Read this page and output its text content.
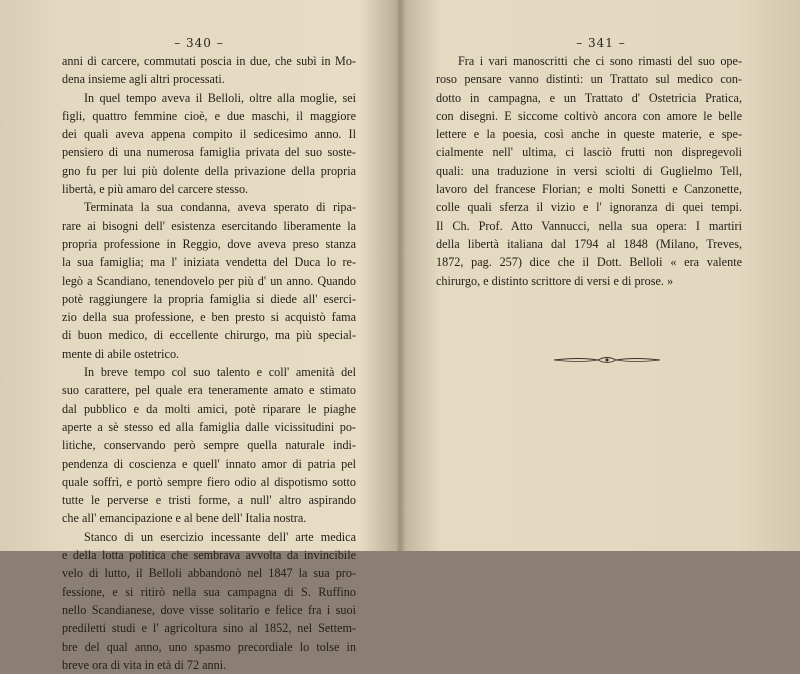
– 340 –
anni di carcere, commutati poscia in due, che subì in Mo-
dena insieme agli altri processati.
In quel tempo aveva il Belloli, oltre alla moglie, sei
figli, quattro femmine cioè, e due maschi, il maggiore
dei quali aveva appena compito il sedicesimo anno. Il
pensiero di una numerosa famiglia privata del suo soste-
gno fu per lui più dolente della privazione della propria
libertà, e più amaro del carcere stesso.
Terminata la sua condanna, aveva sperato di ripa-
rare ai bisogni dell' esistenza esercitando liberamente la
propria professione in Reggio, dove aveva preso stanza
la sua famiglia; ma l' iniziata vendetta del Duca lo re-
legò a Scandiano, tenendovelo per più d' un anno. Quando
potè raggiungere la propria famiglia si diede all' eserci-
zio della sua professione, e ben presto si acquistò fama
di buon medico, di eccellente chirurgo, ma più special-
mente di abile ostetrico.
In breve tempo col suo talento e coll' amenità del
suo carattere, pel quale era teneramente amato e stimato
dal pubblico e da molti amici, potè riparare le piaghe
aperte a sè stesso ed alla famiglia dalle vicissitudini po-
litiche, conservando però sempre quella naturale indi-
pendenza di coscienza e quell' innato amor di patria pel
quale soffrì, e portò sempre fiero odio al dispotismo sotto
tutte le perverse e tristi forme, a null' altro aspirando
che all' emancipazione e al bene dell' Italia nostra.
Stanco di un esercizio incessante dell' arte medica
e della lotta politica che sembrava avvolta da invincibile
velo di lutto, il Belloli abbandonò nel 1847 la sua pro-
fessione, e si ritirò nella sua campagna di S. Ruffino
nello Scandianese, dove visse solitario e felice fra i suoi
prediletti studi e l' agricoltura sino al 1852, nel Settem-
bre del qual anno, uno spasmo precordiale lo tolse in
breve ora di vita in età di 72 anni.
– 341 –
Fra i vari manoscritti che ci sono rimasti del suo ope-
roso pensare vanno distinti: un Trattato sul medico con-
dotto in campagna, e un Trattato d' Ostetricia Pratica,
con disegni. E siccome coltivò ancora con amore le belle
lettere e la poesia, così anche in queste materie, e spe-
cialmente nell' ultima, ci lasciò frutti non dispregevoli
quali: una traduzione in versi sciolti di Guglielmo Tell,
lavoro del francese Florian; e molti Sonetti e Canzonette,
colle quali sferza il vizio e l' ignoranza di quei tempi.
Il Ch. Prof. Atto Vannucci, nella sua opera: I martiri
della libertà italiana dal 1794 al 1848 (Milano, Treves,
1872, pag. 257) dice che il Dott. Belloli « era valente
chirurgo, e distinto scrittore di versi e di prose. »
